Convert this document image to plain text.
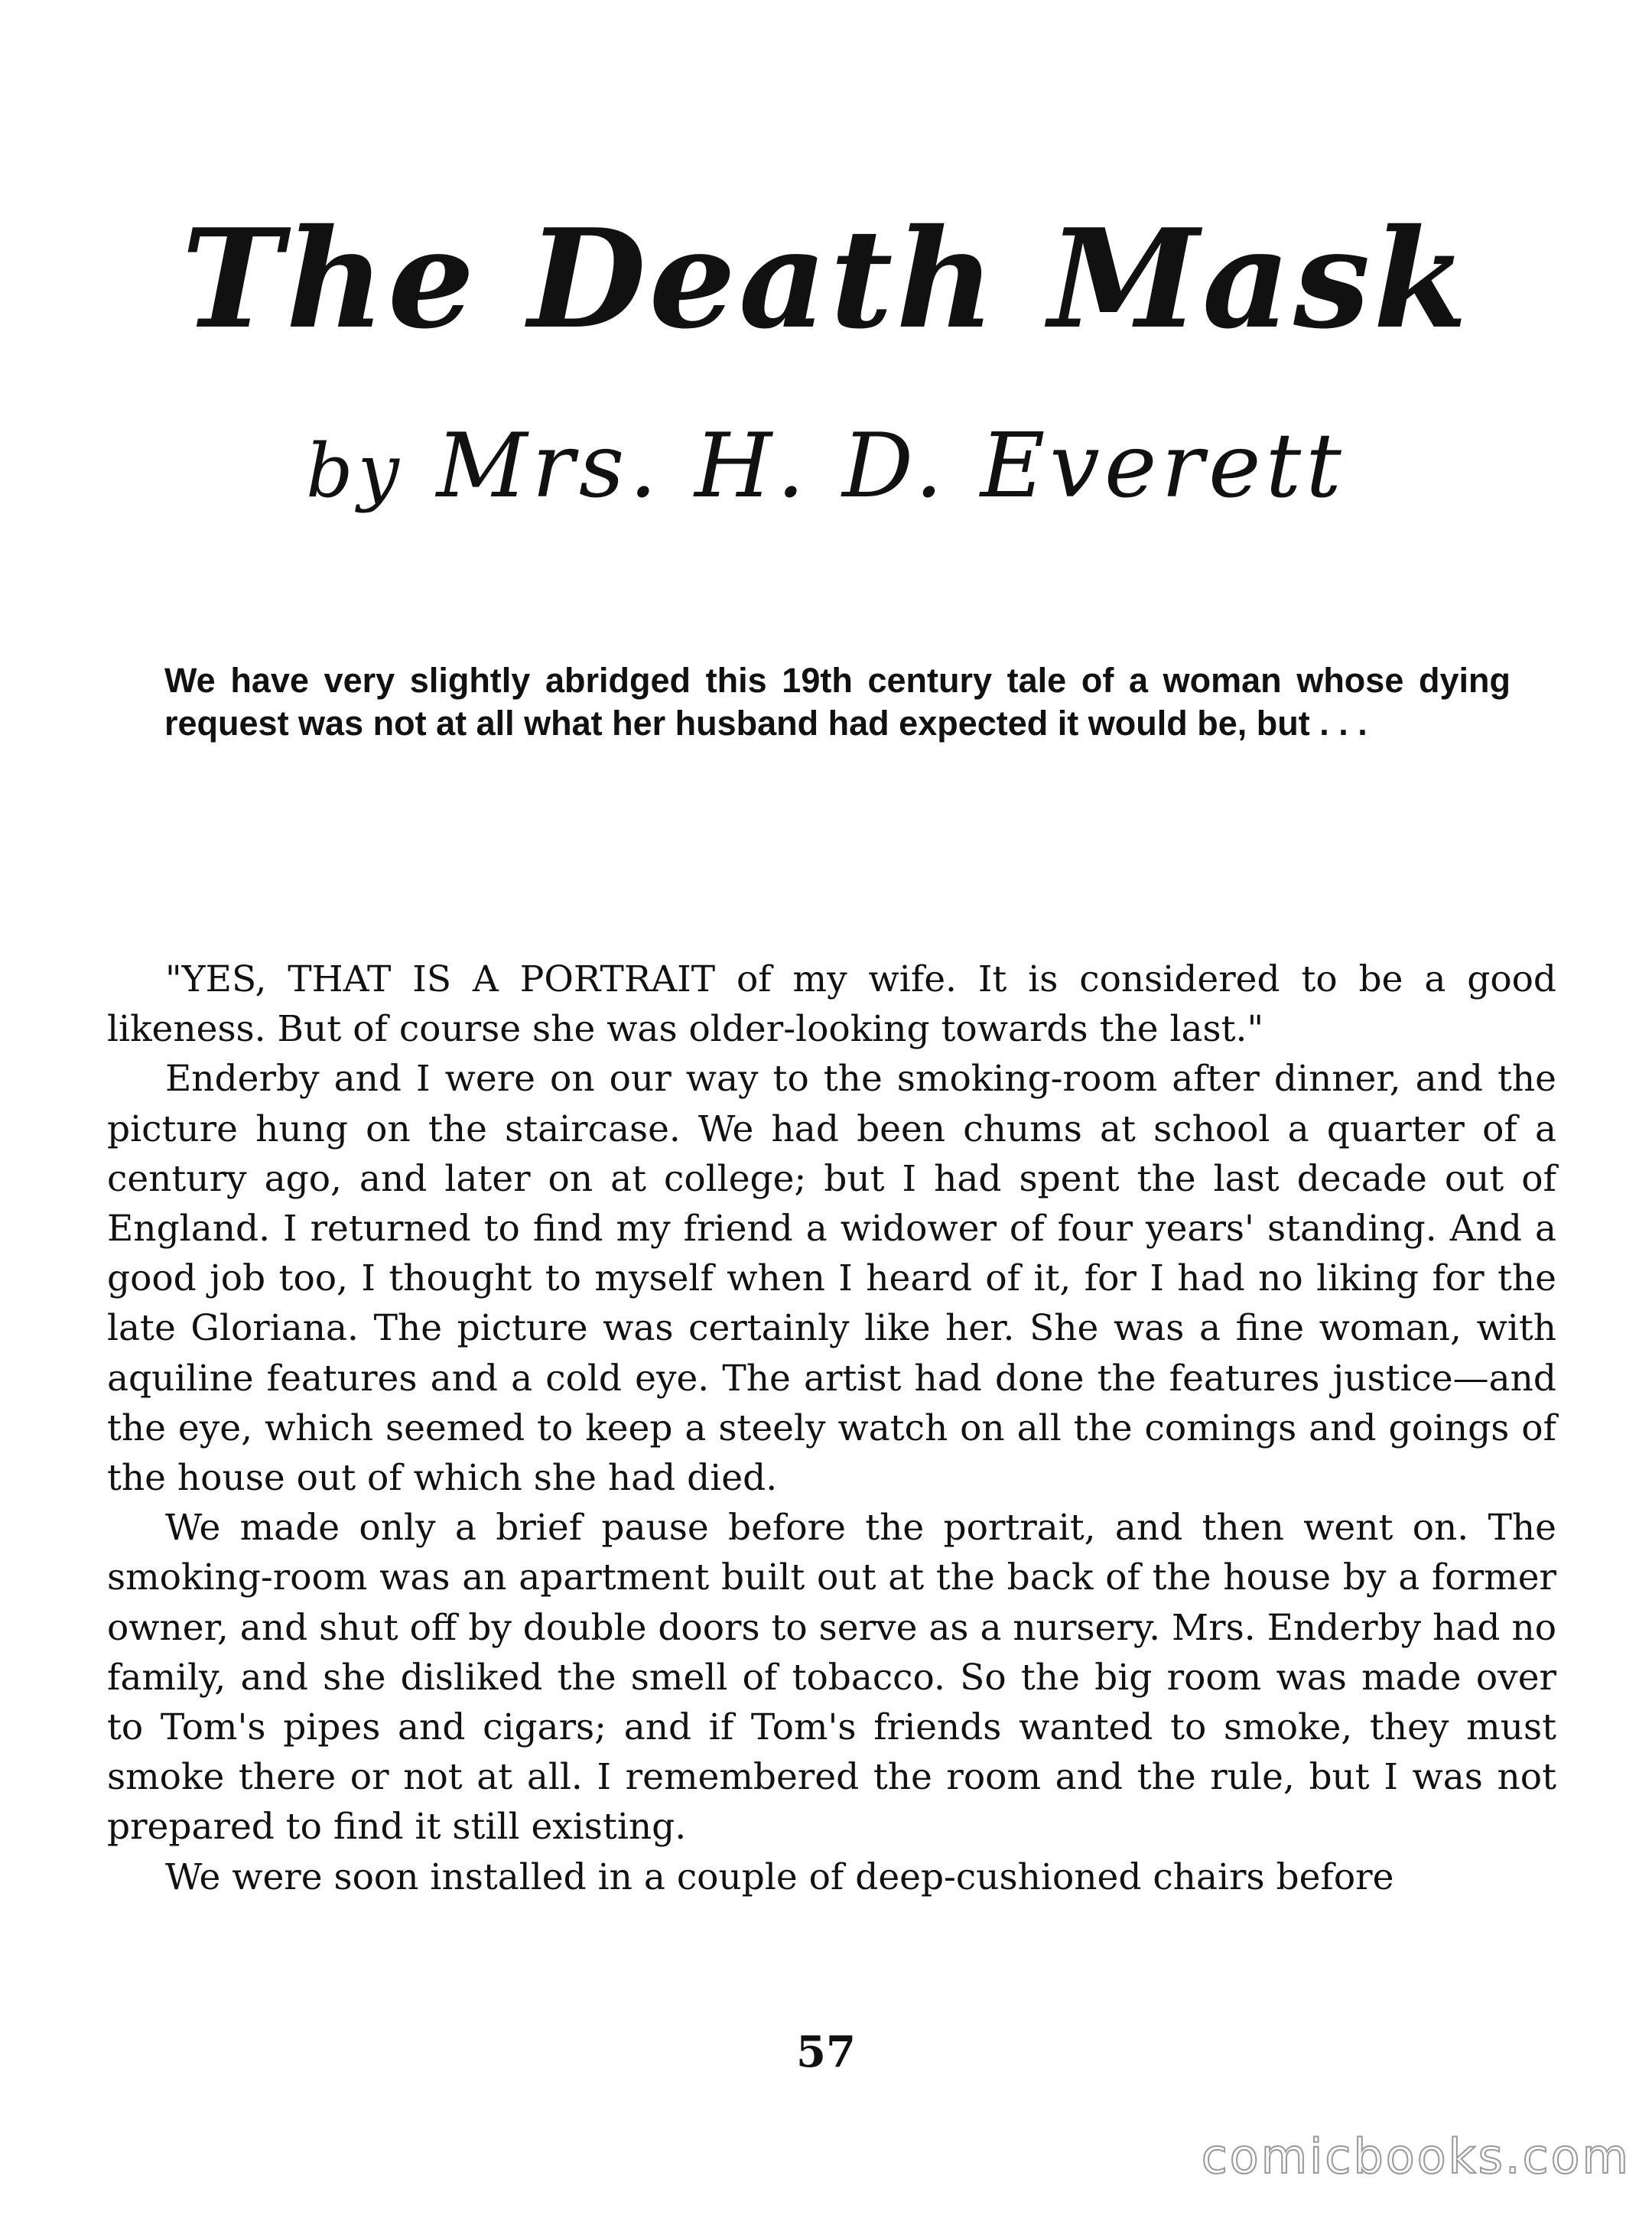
The Death Mask
by Mrs. H. D. Everett

We have very slightly abridged this 19th century tale of a woman whose dying request was not at all what her husband had expected it would be, but . . .

"YES, THAT IS A PORTRAIT of my wife. It is considered to be a good likeness. But of course she was older-looking towards the last."

Enderby and I were on our way to the smoking-room after dinner, and the picture hung on the staircase. We had been chums at school a quarter of a century ago, and later on at college; but I had spent the last decade out of England. I returned to find my friend a widower of four years' standing. And a good job too, I thought to myself when I heard of it, for I had no liking for the late Gloriana. The picture was certainly like her. She was a fine woman, with aquiline features and a cold eye. The artist had done the features justice—and the eye, which seemed to keep a steely watch on all the comings and goings of the house out of which she had died.

We made only a brief pause before the portrait, and then went on. The smoking-room was an apartment built out at the back of the house by a former owner, and shut off by double doors to serve as a nursery. Mrs. Enderby had no family, and she disliked the smell of tobacco. So the big room was made over to Tom's pipes and cigars; and if Tom's friends wanted to smoke, they must smoke there or not at all. I remembered the room and the rule, but I was not prepared to find it still existing.

We were soon installed in a couple of deep-cushioned chairs before

57
comicbooks.com
